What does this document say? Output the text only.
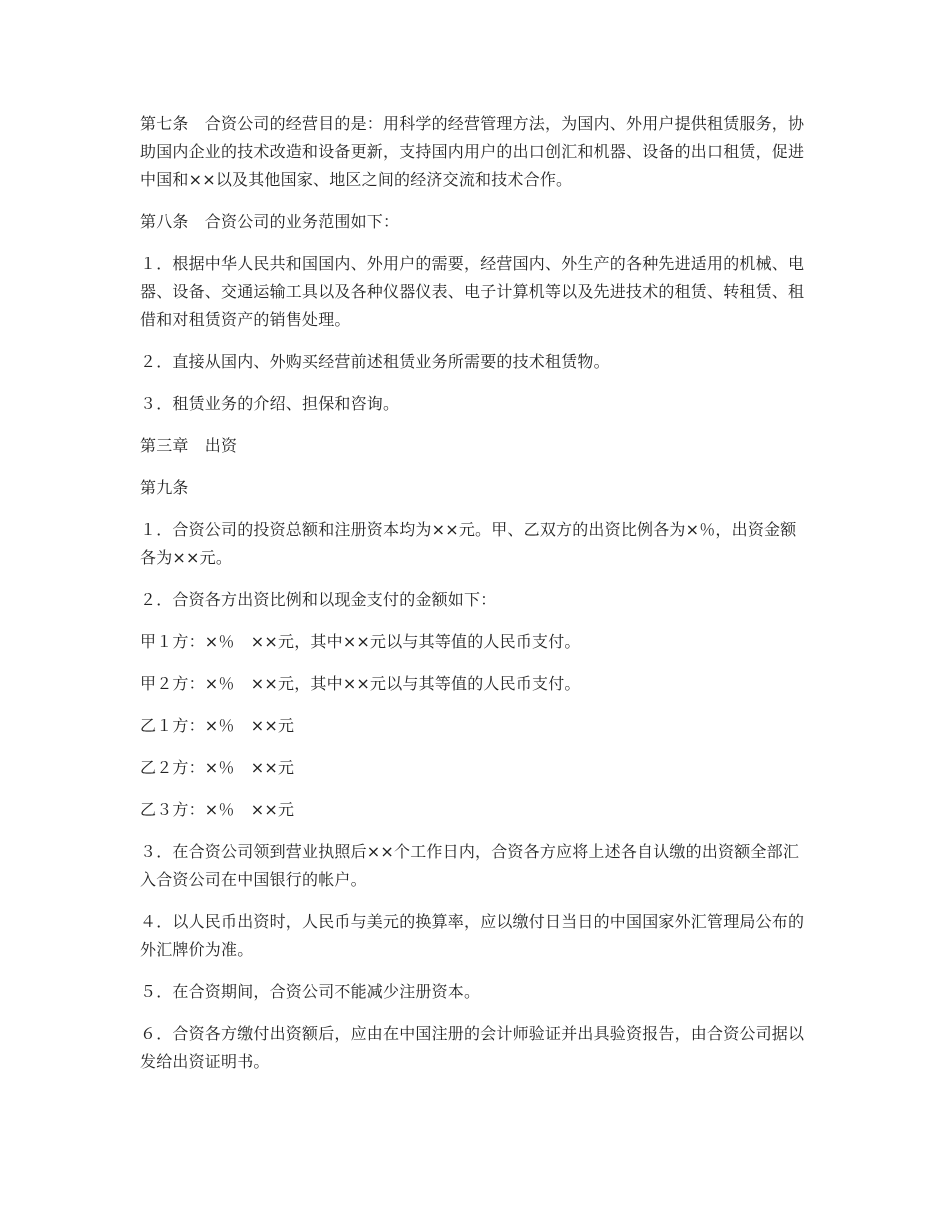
第七条　合资公司的经营目的是：用科学的经营管理方法，为国内、外用户提供租赁服务，协助国内企业的技术改造和设备更新，支持国内用户的出口创汇和机器、设备的出口租赁，促进中国和××以及其他国家、地区之间的经济交流和技术合作。

第八条　合资公司的业务范围如下：

１．根据中华人民共和国国内、外用户的需要，经营国内、外生产的各种先进适用的机械、电器、设备、交通运输工具以及各种仪器仪表、电子计算机等以及先进技术的租赁、转租赁、租借和对租赁资产的销售处理。

２．直接从国内、外购买经营前述租赁业务所需要的技术租赁物。

３．租赁业务的介绍、担保和咨询。

第三章　出资

第九条

１．合资公司的投资总额和注册资本均为××元。甲、乙双方的出资比例各为×％，出资金额各为××元。

２．合资各方出资比例和以现金支付的金额如下：

甲１方：×％　××元，其中××元以与其等值的人民币支付。

甲２方：×％　××元，其中××元以与其等值的人民币支付。

乙１方：×％　××元

乙２方：×％　××元

乙３方：×％　××元

３．在合资公司领到营业执照后××个工作日内，合资各方应将上述各自认缴的出资额全部汇入合资公司在中国银行的帐户。

４．以人民币出资时，人民币与美元的换算率，应以缴付日当日的中国国家外汇管理局公布的外汇牌价为准。

５．在合资期间，合资公司不能减少注册资本。

６．合资各方缴付出资额后，应由在中国注册的会计师验证并出具验资报告，由合资公司据以发给出资证明书。
